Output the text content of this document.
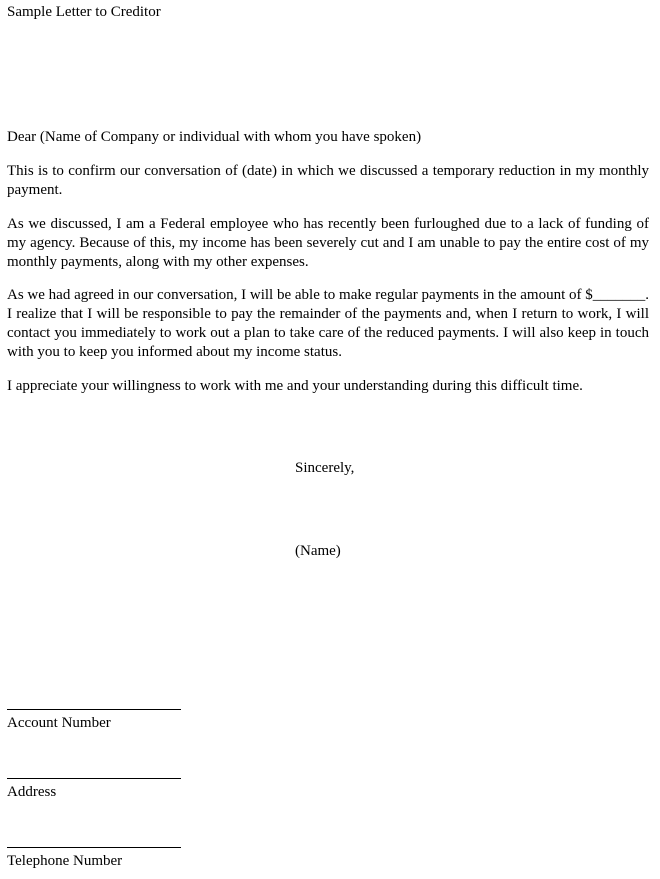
Sample Letter to Creditor

Dear (Name of Company or individual with whom you have spoken)

This is to confirm our conversation of (date) in which we discussed a temporary reduction in my monthly payment.

As we discussed, I am a Federal employee who has recently been furloughed due to a lack of funding of my agency. Because of this, my income has been severely cut and I am unable to pay the entire cost of my monthly payments, along with my other expenses.

As we had agreed in our conversation, I will be able to make regular payments in the amount of $_______. I realize that I will be responsible to pay the remainder of the payments and, when I return to work, I will contact you immediately to work out a plan to take care of the reduced payments. I will also keep in touch with you to keep you informed about my income status.

I appreciate your willingness to work with me and your understanding during this difficult time.

Sincerely,

(Name)

Account Number

Address

Telephone Number
